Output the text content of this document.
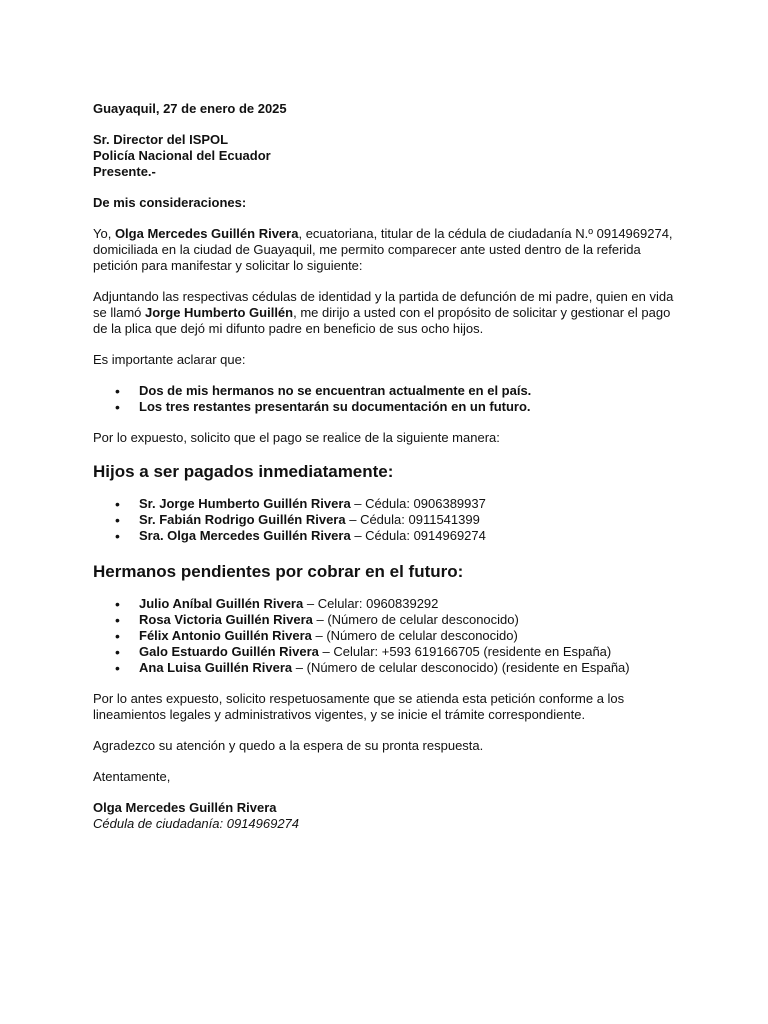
Guayaquil, 27 de enero de 2025

Sr. Director del ISPOL

Policía Nacional del Ecuador

Presente.-

De mis consideraciones:

Yo, Olga Mercedes Guillén Rivera, ecuatoriana, titular de la cédula de ciudadanía N.º 0914969274, domiciliada en la ciudad de Guayaquil, me permito comparecer ante usted dentro de la referida petición para manifestar y solicitar lo siguiente:

Adjuntando las respectivas cédulas de identidad y la partida de defunción de mi padre, quien en vida se llamó Jorge Humberto Guillén, me dirijo a usted con el propósito de solicitar y gestionar el pago de la plica que dejó mi difunto padre en beneficio de sus ocho hijos.

Es importante aclarar que:

• Dos de mis hermanos no se encuentran actualmente en el país.
• Los tres restantes presentarán su documentación en un futuro.

Por lo expuesto, solicito que el pago se realice de la siguiente manera:

Hijos a ser pagados inmediatamente:
• Sr. Jorge Humberto Guillén Rivera – Cédula: 0906389937
• Sr. Fabián Rodrigo Guillén Rivera – Cédula: 0911541399
• Sra. Olga Mercedes Guillén Rivera – Cédula: 0914969274
Hermanos pendientes por cobrar en el futuro:
• Julio Aníbal Guillén Rivera – Celular: 0960839292
• Rosa Victoria Guillén Rivera – (Número de celular desconocido)
• Félix Antonio Guillén Rivera – (Número de celular desconocido)
• Galo Estuardo Guillén Rivera – Celular: +593 619166705 (residente en España)
• Ana Luisa Guillén Rivera – (Número de celular desconocido) (residente en España)

Por lo antes expuesto, solicito respetuosamente que se atienda esta petición conforme a los lineamientos legales y administrativos vigentes, y se inicie el trámite correspondiente.

Agradezco su atención y quedo a la espera de su pronta respuesta.

Atentamente,

Olga Mercedes Guillén Rivera

Cédula de ciudadanía: 0914969274
